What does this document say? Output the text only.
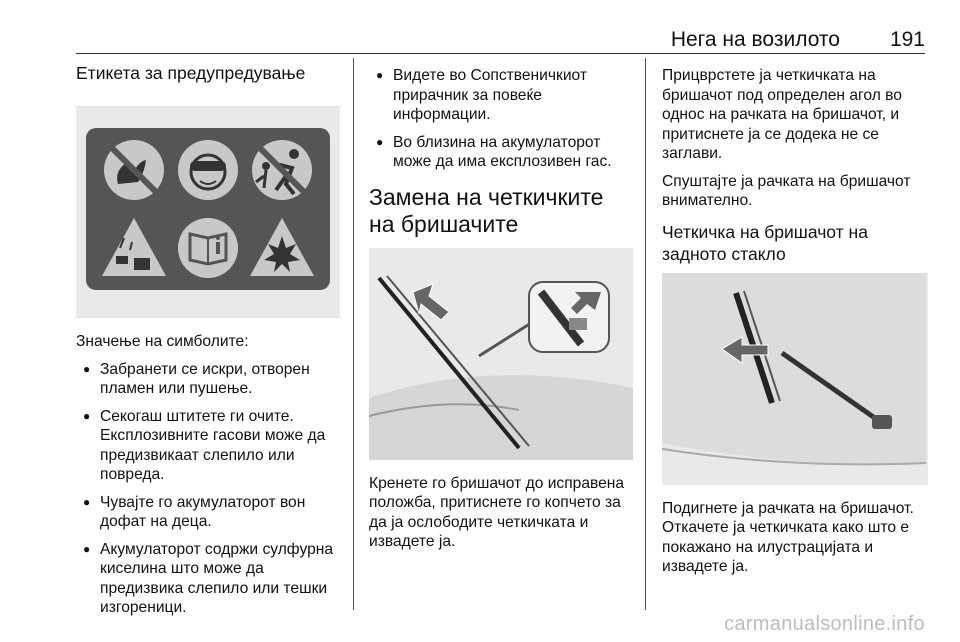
Нега на возилото 191
Етикета за предупредување

Значење на симболите:

● Забранети се искри, отворен пламен или пушење.
● Секогаш штитете ги очите. Експлозивните гасови може да предизвикаат слепило или повреда.
● Чувајте го акумулаторот вон дофат на деца.
● Акумулаторот содржи сулфурна киселина што може да предизвика слепило или тешки изгореници.
● Видете во Сопственичкиот прирачник за повеќе информации.
● Во близина на акумулаторот може да има експлозивен гас.
Замена на четкичките на бришачите

Кренете го бришачот до исправена положба, притиснете го копчето за да ја ослободите четкичката и извадете ја.

Прицврстете ја четкичката на бришачот под определен агол во однос на рачката на бришачот, и притиснете ја се додека не се заглави.

Спуштајте ја рачката на бришачот внимателно.

Четкичка на бришачот на задното стакло

Подигнете ја рачката на бришачот. Откачете ја четкичката како што е покажано на илустрацијата и извадете ја.

carmanualsonline.info
